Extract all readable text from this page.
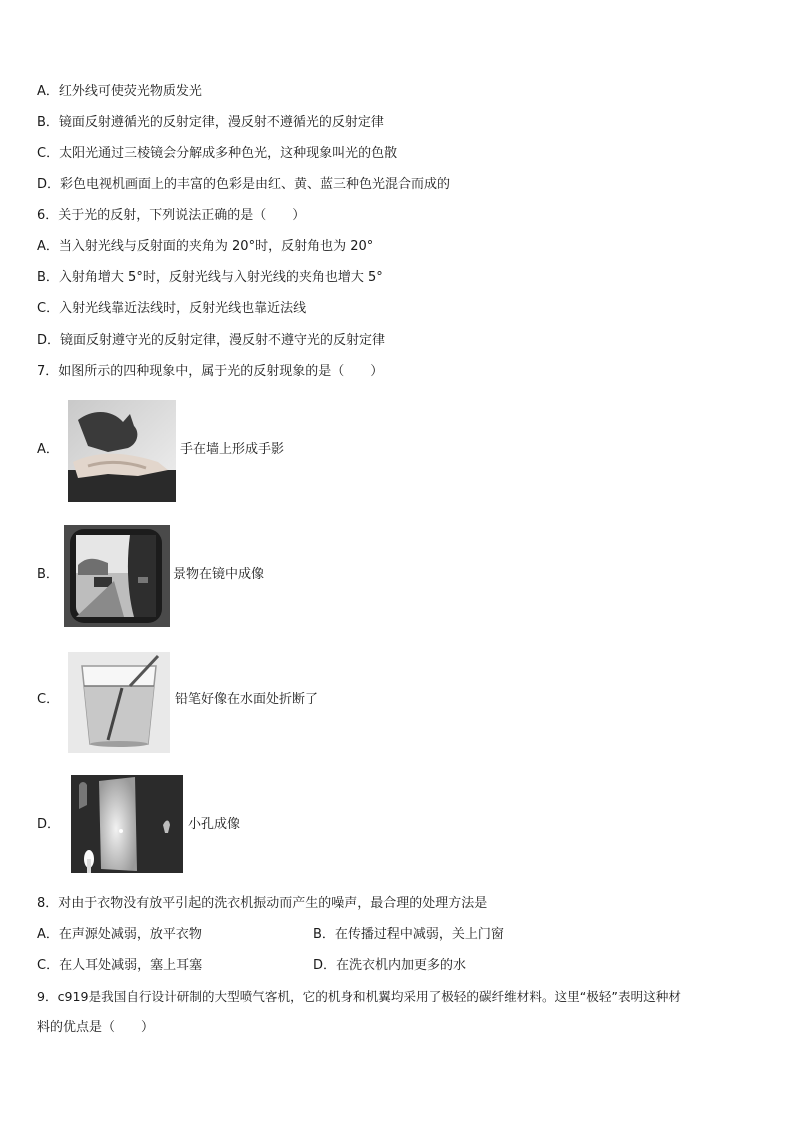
A．红外线可使荧光物质发光
B．镜面反射遵循光的反射定律，漫反射不遵循光的反射定律
C．太阳光通过三棱镜会分解成多种色光，这种现象叫光的色散
D．彩色电视机画面上的丰富的色彩是由红、黄、蓝三种色光混合而成的
6．关于光的反射，下列说法正确的是（　　）
A．当入射光线与反射面的夹角为 20°时，反射角也为 20°
B．入射角增大 5°时，反射光线与入射光线的夹角也增大 5°
C．入射光线靠近法线时，反射光线也靠近法线
D．镜面反射遵守光的反射定律，漫反射不遵守光的反射定律
7．如图所示的四种现象中，属于光的反射现象的是（　　）
A．	手在墙上形成手影
B．	景物在镜中成像
C．	铅笔好像在水面处折断了
D．	小孔成像
8．对由于衣物没有放平引起的洗衣机振动而产生的噪声，最合理的处理方法是
A．在声源处减弱，放平衣物	B．在传播过程中减弱，关上门窗
C．在人耳处减弱，塞上耳塞	D．在洗衣机内加更多的水
9．c919是我国自行设计研制的大型喷气客机，它的机身和机翼均采用了极轻的碳纤维材料。这里“极轻”表明这种材
料的优点是（　　）
